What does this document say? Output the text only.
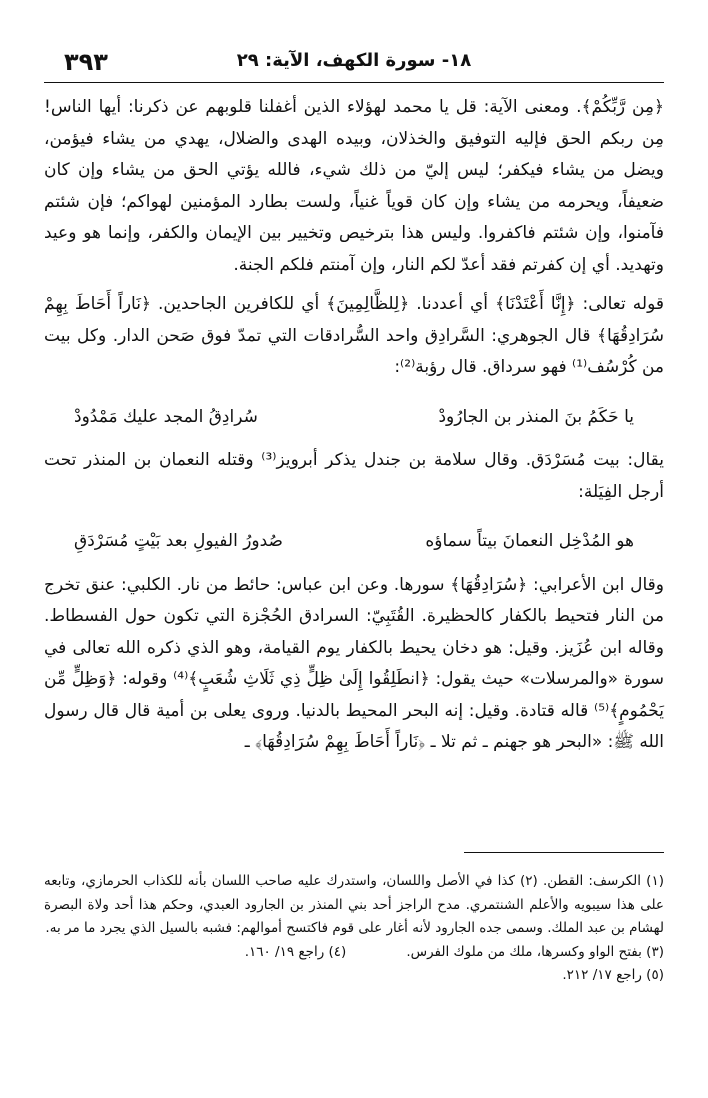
١٨- سورة الكهف، الآية: ٢٩
٣٩٣

﴿مِن رَّبِّكُمْ﴾. ومعنى الآية: قل يا محمد لهؤلاء الذين أغفلنا قلوبهم عن ذكرنا: أيها الناس! مِن ربكم الحق فإليه التوفيق والخذلان، وبيده الهدى والضلال، يهدي من يشاء فيؤمن، ويضل من يشاء فيكفر؛ ليس إليّ من ذلك شيء، فالله يؤتي الحق من يشاء وإن كان ضعيفاً، ويحرمه من يشاء وإن كان قوياً غنياً، ولست بطارد المؤمنين لهواكم؛ فإن شئتم فآمنوا، وإن شئتم فاكفروا. وليس هذا بترخيص وتخيير بين الإيمان والكفر، وإنما هو وعيد وتهديد. أي إن كفرتم فقد أعدّ لكم النار، وإن آمنتم فلكم الجنة.

قوله تعالى: ﴿إِنَّا أَعْتَدْنَا﴾ أي أعددنا. ﴿لِلظَّالِمِينَ﴾ أي للكافرين الجاحدين. ﴿نَاراً أَحَاطَ بِهِمْ سُرَادِقُهَا﴾ قال الجوهري: السَّرادِق واحد السُّرادقات التي تمدّ فوق صَحن الدار. وكل بيت من كُرْسُف⁽¹⁾ فهو سرداق. قال رؤبة⁽²⁾:

يا حَكَمُ بنَ المنذر بن الجارُودْ
سُرادِقُ المجد عليك مَمْدُودْ

يقال: بيت مُسَرْدَق. وقال سلامة بن جندل يذكر أبرويز⁽³⁾ وقتله النعمان بن المنذر تحت أرجل الفِيَلة:

هو المُدْخِل النعمانَ بيتاً سماؤه
صُدورُ الفيولِ بعد بَيْتٍ مُسَرْدَقِ

وقال ابن الأعرابي: ﴿سُرَادِقُهَا﴾ سورها. وعن ابن عباس: حائط من نار. الكلبي: عنق تخرج من النار فتحيط بالكفار كالحظيرة. القُتَبِيّ: السرادق الحُجْزة التي تكون حول الفسطاط. وقاله ابن عُزَيز. وقيل: هو دخان يحيط بالكفار يوم القيامة، وهو الذي ذكره الله تعالى في سورة «والمرسلات» حيث يقول: ﴿انطَلِقُوا إِلَىٰ ظِلٍّ ذِي ثَلَاثِ شُعَبٍ﴾⁽⁴⁾ وقوله: ﴿وَظِلٍّ مِّن يَحْمُومٍ﴾⁽⁵⁾ قاله قتادة. وقيل: إنه البحر المحيط بالدنيا. وروى يعلى بن أمية قال قال رسول الله ﷺ: «البحر هو جهنم ـ ثم تلا ـ ﴿نَاراً أَحَاطَ بِهِمْ سُرَادِقُهَا﴾ ـ

(١) الكرسف: القطن. (٢) كذا في الأصل واللسان، واستدرك عليه صاحب اللسان بأنه للكذاب الحرمازي، وتابعه على هذا سيبويه والأعلم الشنتمري. مدح الراجز أحد بني المنذر بن الجارود العبدي، وحكم هذا أحد ولاة البصرة لهشام بن عبد الملك. وسمى جده الجارود لأنه أغار على قوم فاكتسح أموالهم: فشبه بالسيل الذي يجرد ما مر به.

(٣) بفتح الواو وكسرها، ملك من ملوك الفرس.
(٤) راجع ١٩/ ١٦٠.

(٥) راجع ١٧/ ٢١٢.
